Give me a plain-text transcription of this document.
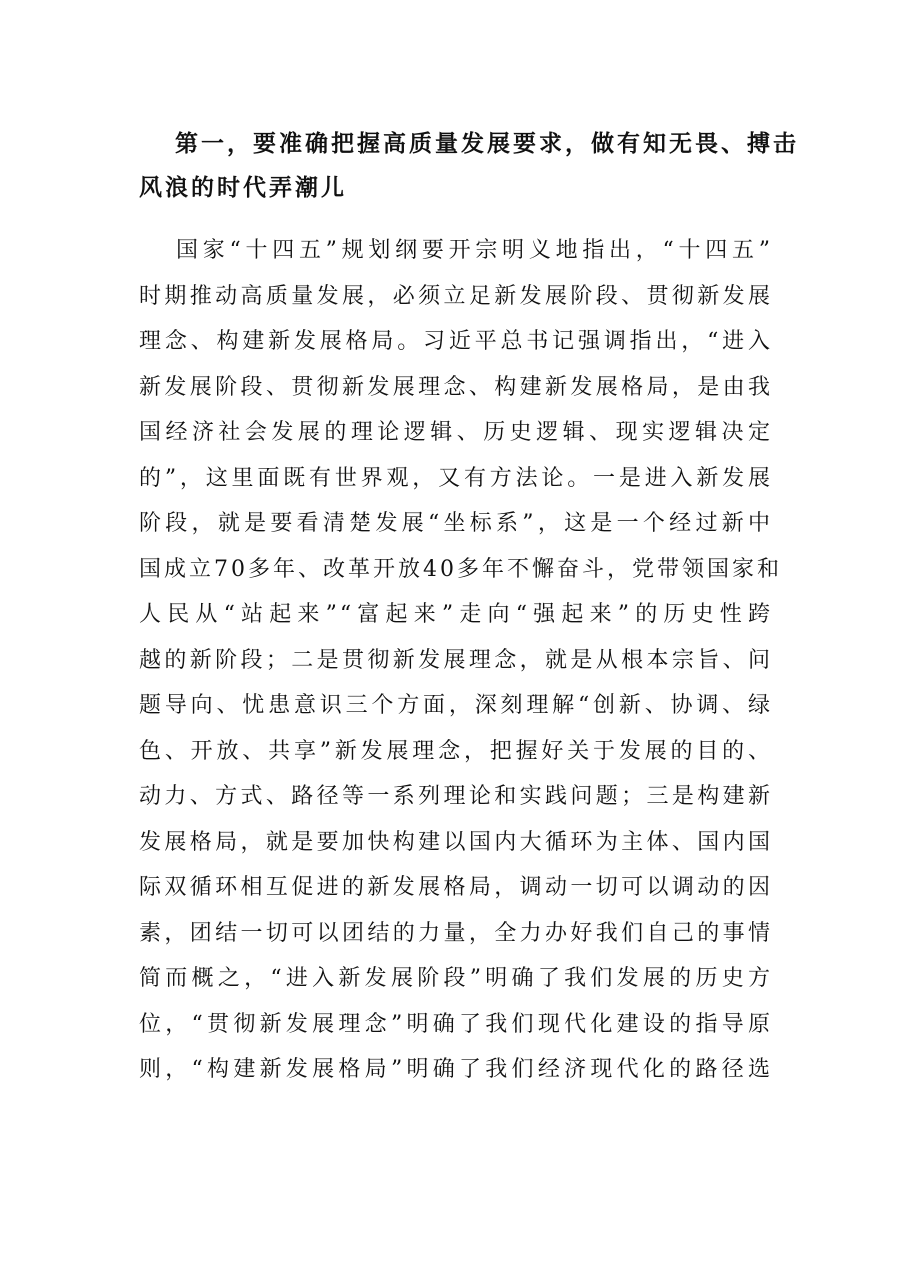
第一，要准确把握高质量发展要求，做有知无畏、搏击
风浪的时代弄潮儿

国家“十四五”规划纲要开宗明义地指出，“十四五”
时期推动高质量发展，必须立足新发展阶段、贯彻新发展
理念、构建新发展格局。习近平总书记强调指出，“进入
新发展阶段、贯彻新发展理念、构建新发展格局，是由我
国经济社会发展的理论逻辑、历史逻辑、现实逻辑决定
的”，这里面既有世界观，又有方法论。一是进入新发展
阶段，就是要看清楚发展“坐标系”，这是一个经过新中
国成立70多年、改革开放40多年不懈奋斗，党带领国家和
人民从“站起来”“富起来”走向“强起来”的历史性跨
越的新阶段；二是贯彻新发展理念，就是从根本宗旨、问
题导向、忧患意识三个方面，深刻理解“创新、协调、绿
色、开放、共享”新发展理念，把握好关于发展的目的、
动力、方式、路径等一系列理论和实践问题；三是构建新
发展格局，就是要加快构建以国内大循环为主体、国内国
际双循环相互促进的新发展格局，调动一切可以调动的因
素，团结一切可以团结的力量，全力办好我们自己的事情
简而概之，“进入新发展阶段”明确了我们发展的历史方
位，“贯彻新发展理念”明确了我们现代化建设的指导原
则，“构建新发展格局”明确了我们经济现代化的路径选
